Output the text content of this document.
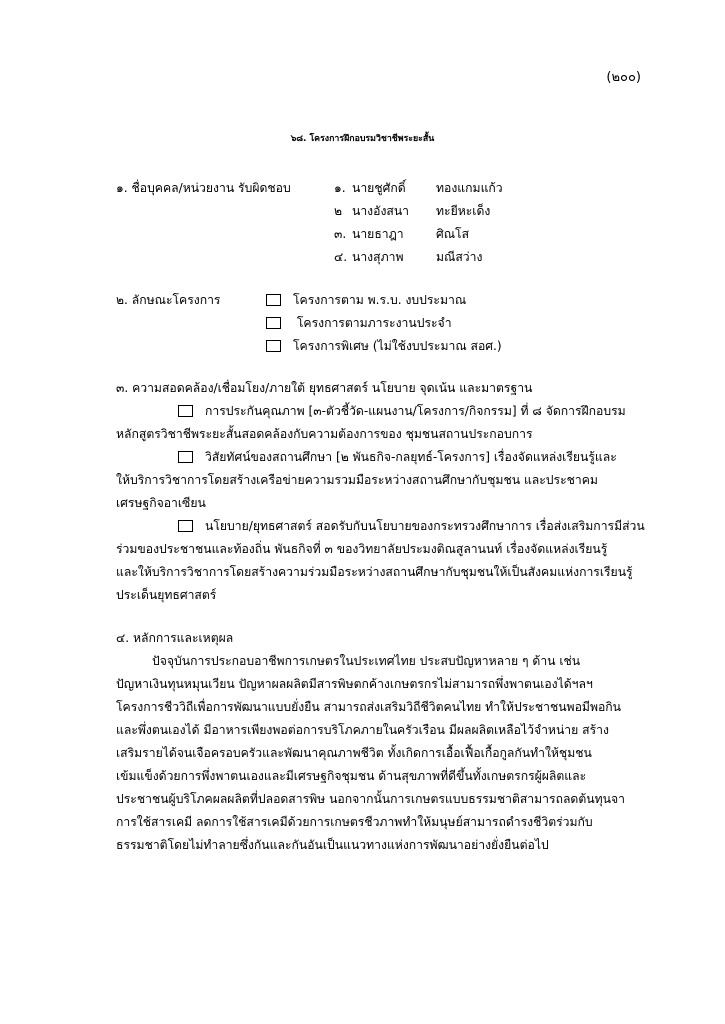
(๒๐๐)
๖๘. โครงการฝึกอบรมวิชาชีพระยะสั้น
๑. ชื่อบุคคล/หน่วยงาน รับผิดชอบ	๑. นายชูศักดิ์ ทองแกมแก้ว
๒ นางอังสนา ทะยีหะเด็ง
๓. นายธาฎา	ศิณโส
๔. นางสุภาพ	มณีสว่าง
๒. ลักษณะโครงการ	โครงการตาม พ.ร.บ. งบประมาณ
โครงการตามภาระงานประจำ
โครงการพิเศษ (ไม่ใช้งบประมาณ สอศ.)
๓. ความสอดคล้อง/เชื่อมโยง/ภายใต้ ยุทธศาสตร์ นโยบาย จุดเน้น และมาตรฐาน
การประกันคุณภาพ [๓-ตัวชี้วัด-แผนงาน/โครงการ/กิจกรรม] ที่ ๘ จัดการฝึกอบรม
หลักสูตรวิชาชีพระยะสั้นสอดคล้องกับความต้องการของ ชุมชนสถานประกอบการ
วิสัยทัศน์ของสถานศึกษา [๒ พันธกิจ-กลยุทธ์-โครงการ] เรื่องจัดแหล่งเรียนรู้และ
ให้บริการวิชาการโดยสร้างเครือข่ายความรวมมือระหว่างสถานศึกษากับชุมชน และประชาคม
เศรษฐกิจอาเซียน
นโยบาย/ยุทธศาสตร์ สอดรับกับนโยบายของกระทรวงศึกษาการ เรื่อส่งเสริมการมีส่วน
ร่วมของประชาชนและท้องถิ่น พันธกิจที่ ๓ ของวิทยาลัยประมงติณสูลานนท์ เรื่องจัดแหล่งเรียนรู้
และให้บริการวิชาการโดยสร้างความร่วมมือระหว่างสถานศึกษากับชุมชนให้เป็นสังคมแห่งการเรียนรู้
ประเด็นยุทธศาสตร์
๔. หลักการและเหตุผล
ปัจจุบันการประกอบอาชีพการเกษตรในประเทศไทย ประสบปัญหาหลาย ๆ ด้าน เช่น
ปัญหาเงินทุนหมุนเวียน ปัญหาผลผลิตมีสารพิษตกค้างเกษตรกรไม่สามารถพึ่งพาตนเองได้ฯลฯ
โครงการชีววิถีเพื่อการพัฒนาแบบยั่งยืน สามารถส่งเสริมวิถีชีวิตคนไทย ทำให้ประชาชนพอมีพอกิน
และพึ่งตนเองได้ มีอาหารเพียงพอต่อการบริโภคภายในครัวเรือน มีผลผลิตเหลือไว้จำหน่าย สร้าง
เสริมรายได้จนเจือครอบครัวและพัฒนาคุณภาพชีวิต ทั้งเกิดการเอื้อเฟื้อเกื้อกูลกันทำให้ชุมชน
เข้มแข็งด้วยการพึ่งพาตนเองและมีเศรษฐกิจชุมชน ด้านสุขภาพที่ดีขึ้นทั้งเกษตรกรผู้ผลิตและ
ประชาชนผู้บริโภคผลผลิตที่ปลอดสารพิษ นอกจากนั้นการเกษตรแบบธรรมชาติสามารถลดต้นทุนจา
การใช้สารเคมี ลดการใช้สารเคมีด้วยการเกษตรชีวภาพทำให้มนุษย์สามารถดำรงชีวิตร่วมกับ
ธรรมชาติโดยไม่ทำลายซึ่งกันและกันอันเป็นแนวทางแห่งการพัฒนาอย่างยั่งยืนต่อไป
